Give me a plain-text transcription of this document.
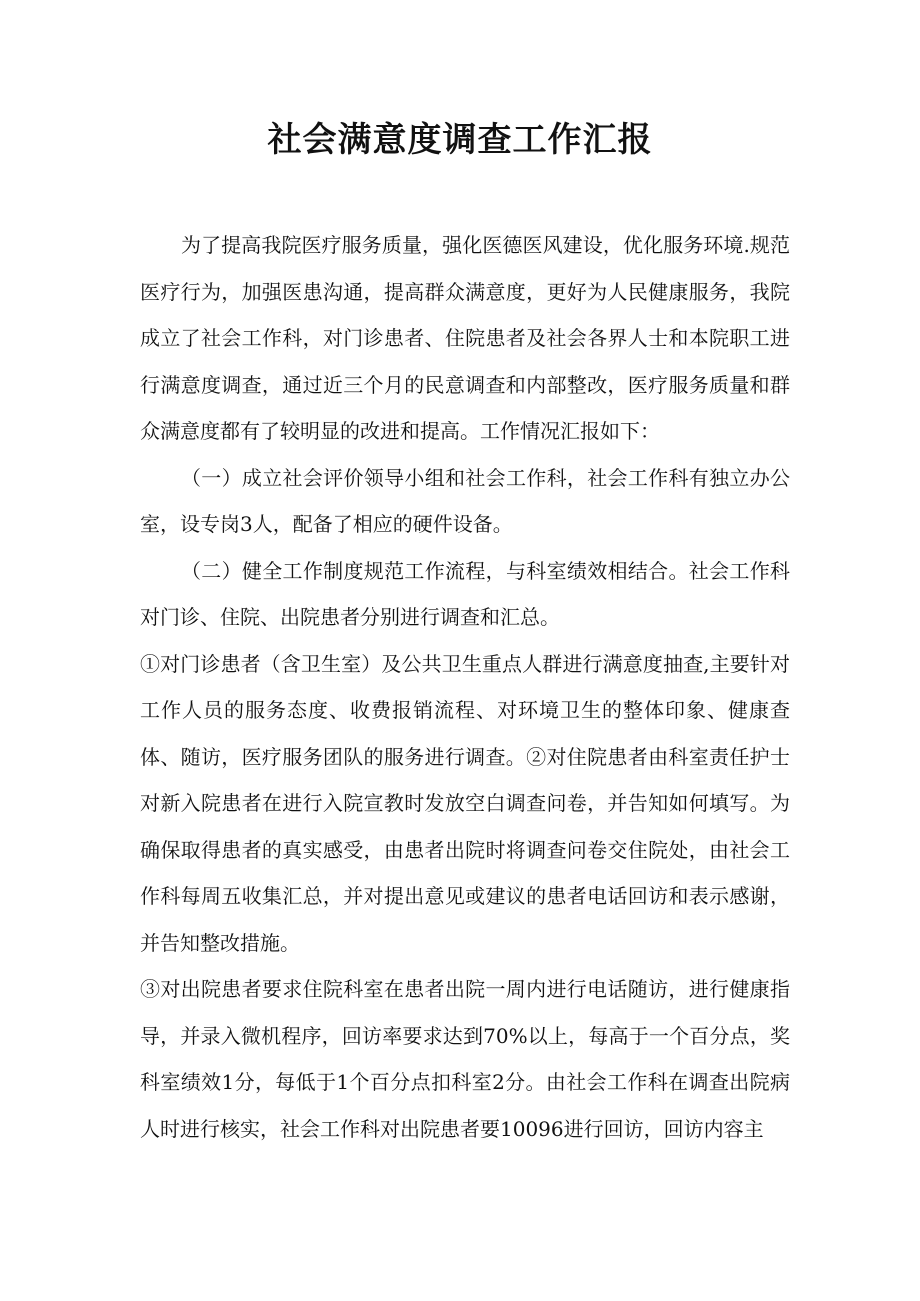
社会满意度调查工作汇报

为了提高我院医疗服务质量，强化医德医风建设，优化服务环境.规范医疗行为，加强医患沟通，提高群众满意度，更好为人民健康服务，我院成立了社会工作科，对门诊患者、住院患者及社会各界人士和本院职工进行满意度调查，通过近三个月的民意调查和内部整改，医疗服务质量和群众满意度都有了较明显的改进和提高。工作情况汇报如下：

（一）成立社会评价领导小组和社会工作科，社会工作科有独立办公室，设专岗3人，配备了相应的硬件设备。

（二）健全工作制度规范工作流程，与科室绩效相结合。社会工作科对门诊、住院、出院患者分别进行调查和汇总。

①对门诊患者（含卫生室）及公共卫生重点人群进行满意度抽查,主要针对工作人员的服务态度、收费报销流程、对环境卫生的整体印象、健康查体、随访，医疗服务团队的服务进行调查。②对住院患者由科室责任护士对新入院患者在进行入院宣教时发放空白调查问卷，并告知如何填写。为确保取得患者的真实感受，由患者出院时将调查问卷交住院处，由社会工作科每周五收集汇总，并对提出意见或建议的患者电话回访和表示感谢，并告知整改措施。

③对出院患者要求住院科室在患者出院一周内进行电话随访，进行健康指导，并录入微机程序，回访率要求达到70%以上，每高于一个百分点，奖科室绩效1分，每低于1个百分点扣科室2分。由社会工作科在调查出院病人时进行核实，社会工作科对出院患者要10096进行回访，回访内容主
